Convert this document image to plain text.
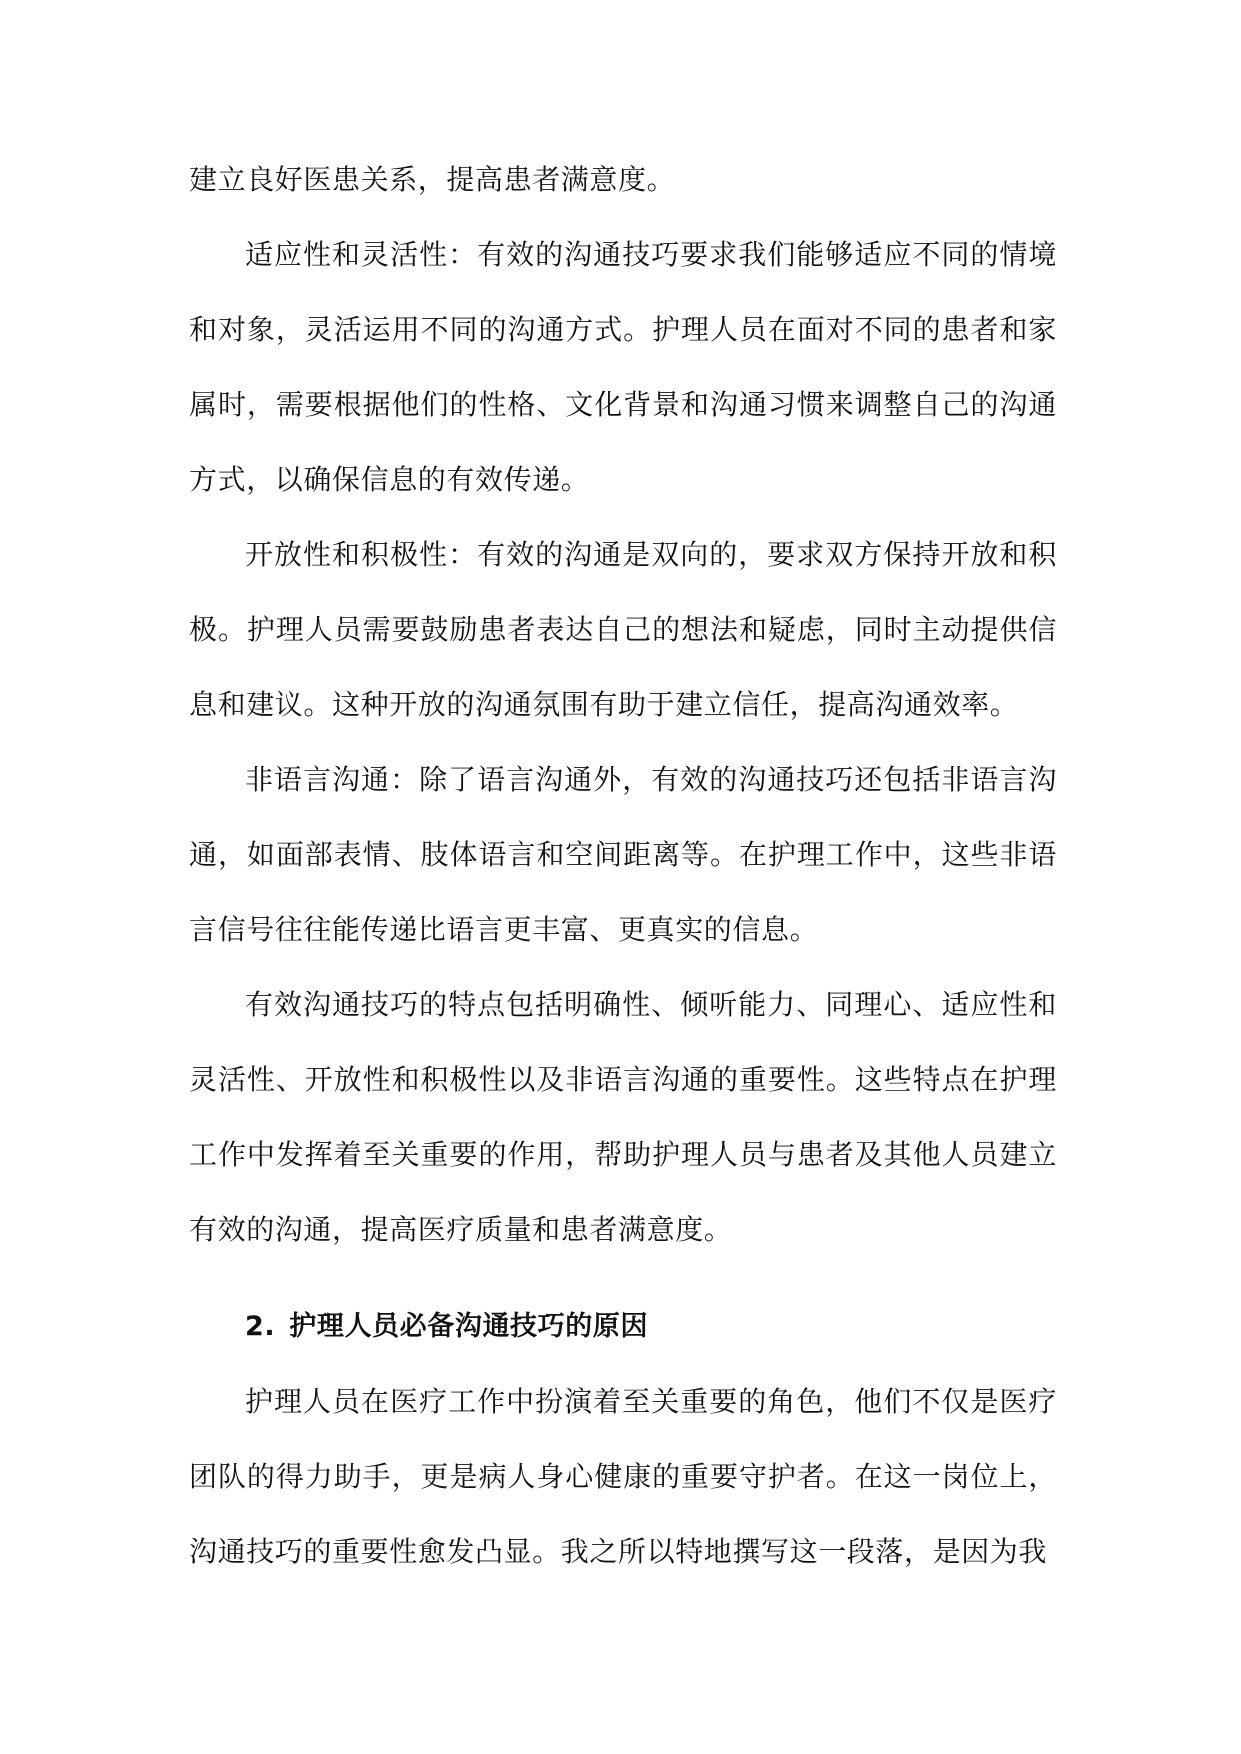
建立良好医患关系，提高患者满意度。

适应性和灵活性：有效的沟通技巧要求我们能够适应不同的情境和对象，灵活运用不同的沟通方式。护理人员在面对不同的患者和家属时，需要根据他们的性格、文化背景和沟通习惯来调整自己的沟通方式，以确保信息的有效传递。

开放性和积极性：有效的沟通是双向的，要求双方保持开放和积极。护理人员需要鼓励患者表达自己的想法和疑虑，同时主动提供信息和建议。这种开放的沟通氛围有助于建立信任，提高沟通效率。

非语言沟通：除了语言沟通外，有效的沟通技巧还包括非语言沟通，如面部表情、肢体语言和空间距离等。在护理工作中，这些非语言信号往往能传递比语言更丰富、更真实的信息。

有效沟通技巧的特点包括明确性、倾听能力、同理心、适应性和灵活性、开放性和积极性以及非语言沟通的重要性。这些特点在护理工作中发挥着至关重要的作用，帮助护理人员与患者及其他人员建立有效的沟通，提高医疗质量和患者满意度。

2. 护理人员必备沟通技巧的原因

护理人员在医疗工作中扮演着至关重要的角色，他们不仅是医疗团队的得力助手，更是病人身心健康的重要守护者。在这一岗位上，沟通技巧的重要性愈发凸显。我之所以特地撰写这一段落，是因为我
